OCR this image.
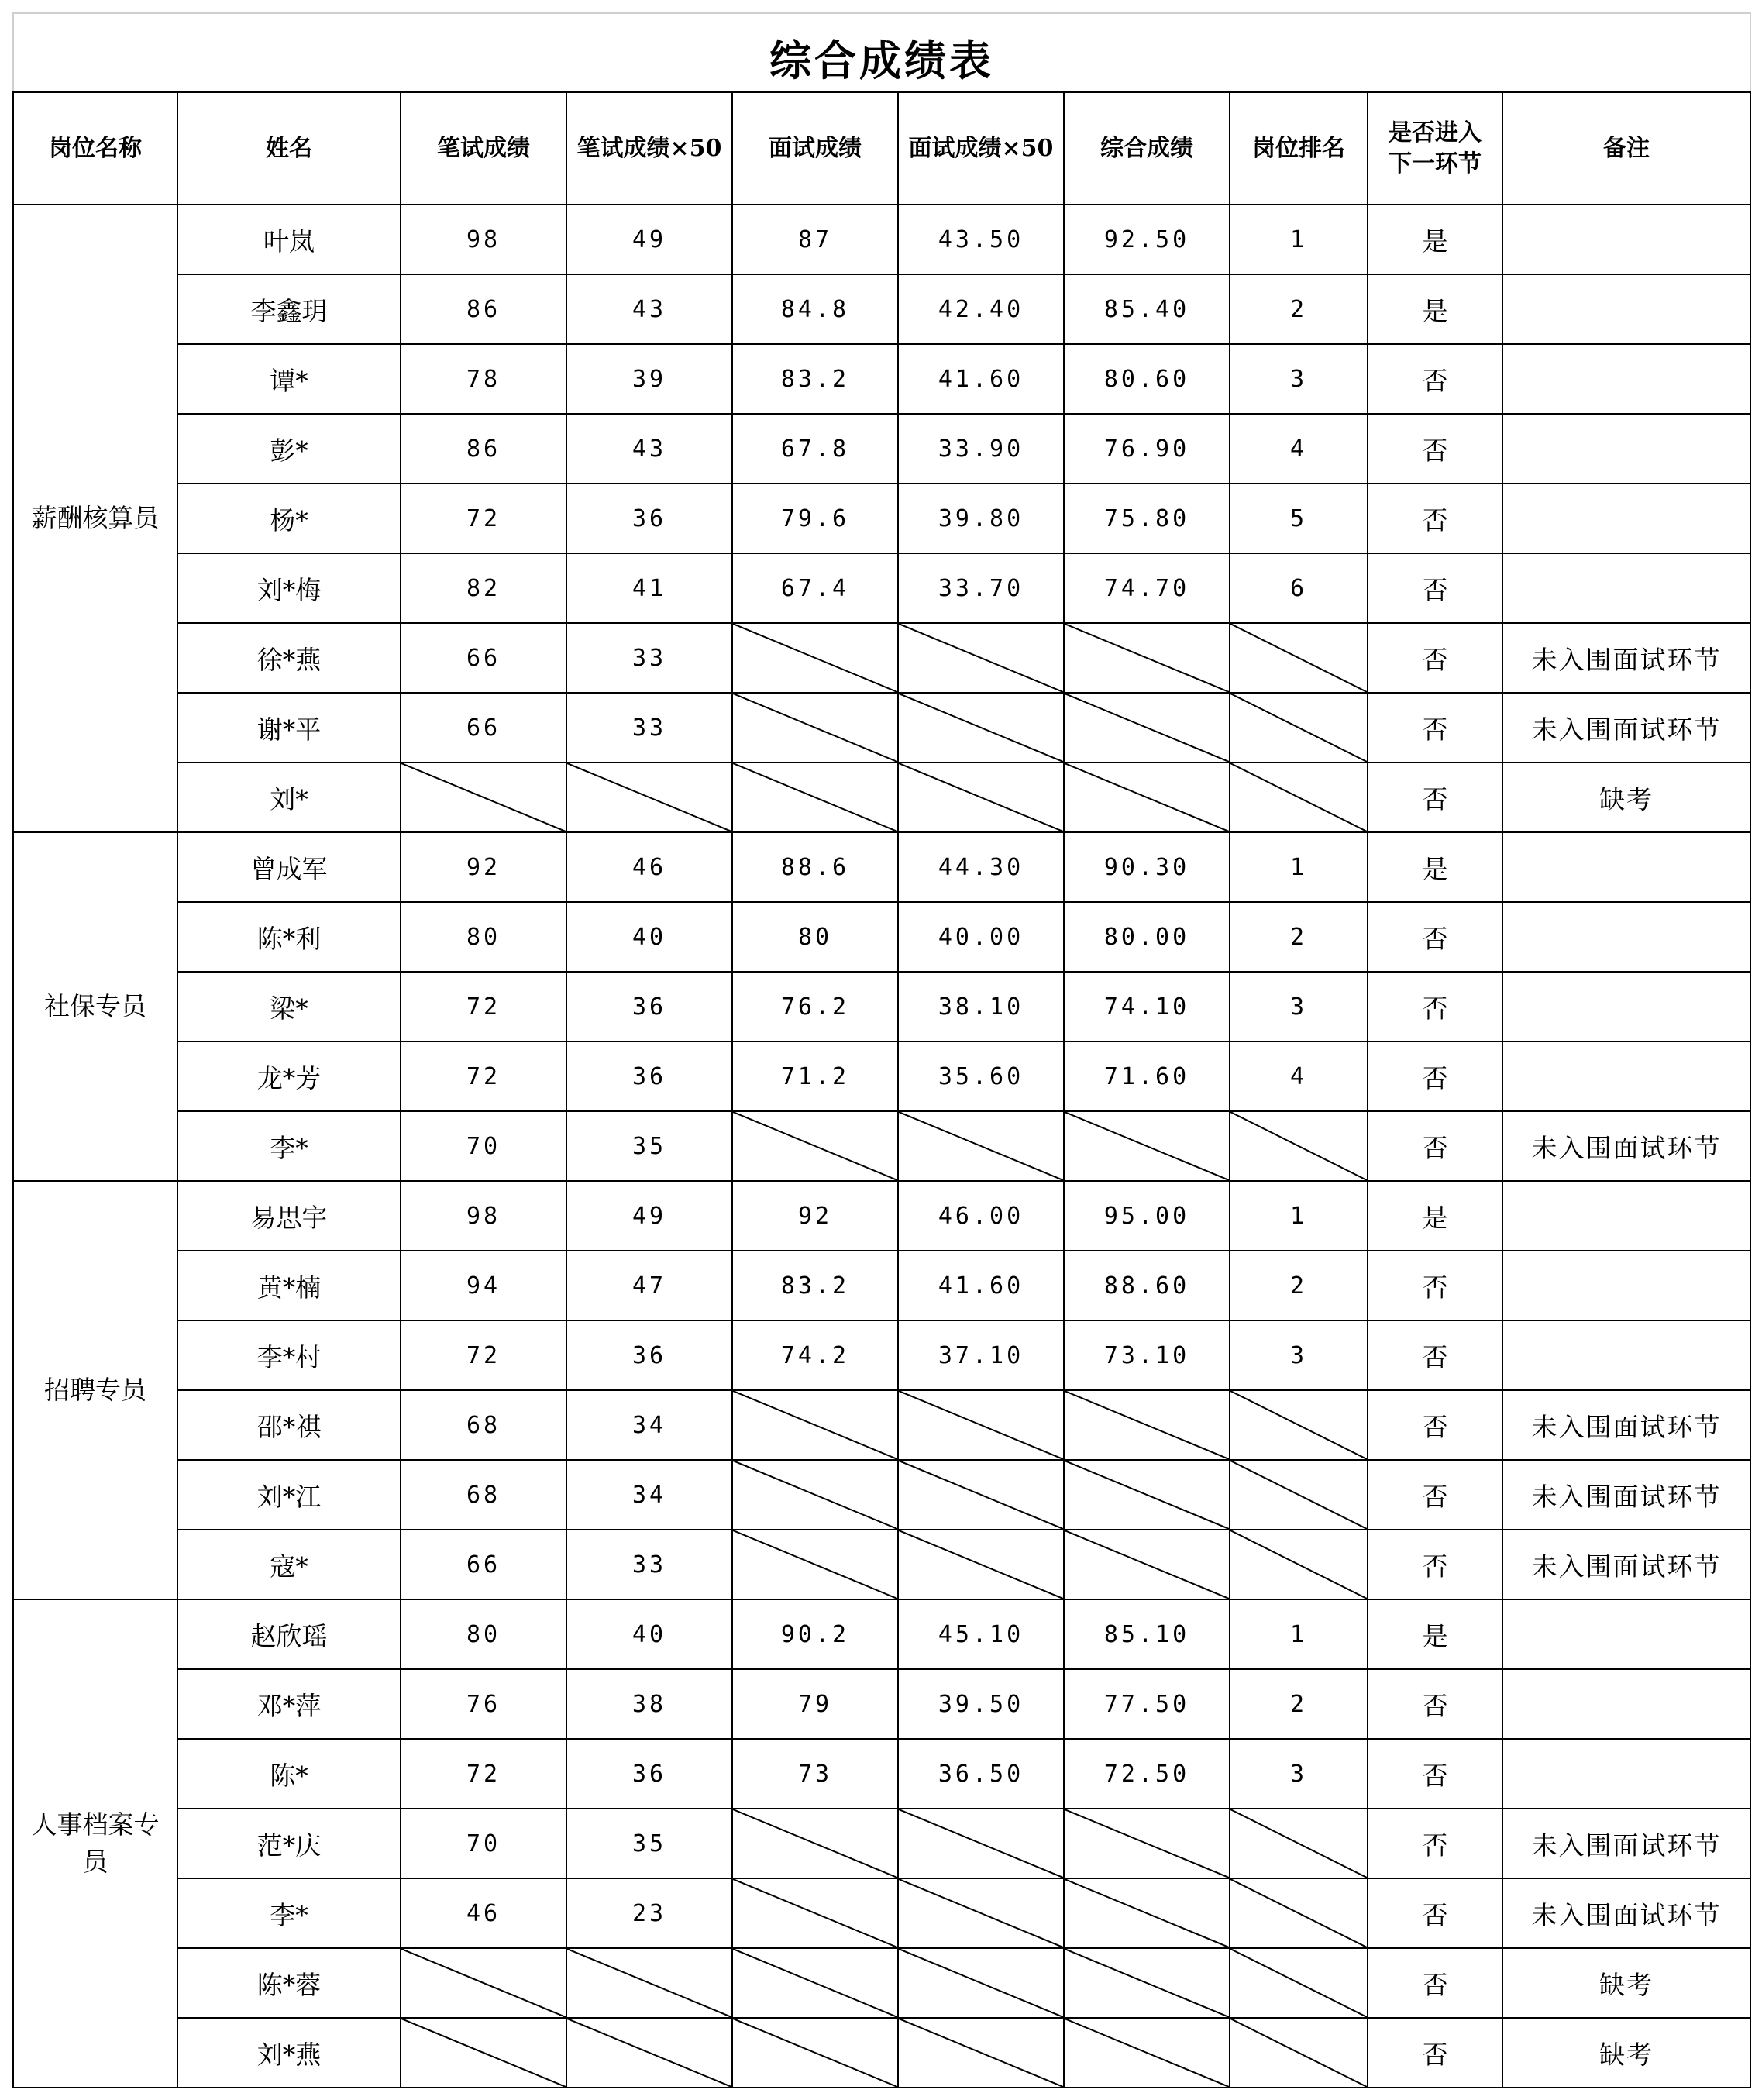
综合成绩表
岗位名称	姓名	笔试成绩	笔试成绩×50	面试成绩	面试成绩×50	综合成绩	岗位排名	是否进入下一环节	备注
薪酬核算员	叶岚	98	49	87	43.50	92.50	1	是	
	李鑫玥	86	43	84.8	42.40	85.40	2	是	
	谭*	78	39	83.2	41.60	80.60	3	否	
	彭*	86	43	67.8	33.90	76.90	4	否	
	杨*	72	36	79.6	39.80	75.80	5	否	
	刘*梅	82	41	67.4	33.70	74.70	6	否	
	徐*燕	66	33					否	未入围面试环节
	谢*平	66	33					否	未入围面试环节
	刘*							否	缺考
社保专员	曾成军	92	46	88.6	44.30	90.30	1	是	
	陈*利	80	40	80	40.00	80.00	2	否	
	梁*	72	36	76.2	38.10	74.10	3	否	
	龙*芳	72	36	71.2	35.60	71.60	4	否	
	李*	70	35					否	未入围面试环节
招聘专员	易思宇	98	49	92	46.00	95.00	1	是	
	黄*楠	94	47	83.2	41.60	88.60	2	否	
	李*村	72	36	74.2	37.10	73.10	3	否	
	邵*祺	68	34					否	未入围面试环节
	刘*江	68	34					否	未入围面试环节
	寇*	66	33					否	未入围面试环节
人事档案专员	赵欣瑶	80	40	90.2	45.10	85.10	1	是	
	邓*萍	76	38	79	39.50	77.50	2	否	
	陈*	72	36	73	36.50	72.50	3	否	
	范*庆	70	35					否	未入围面试环节
	李*	46	23					否	未入围面试环节
	陈*蓉							否	缺考
	刘*燕							否	缺考
